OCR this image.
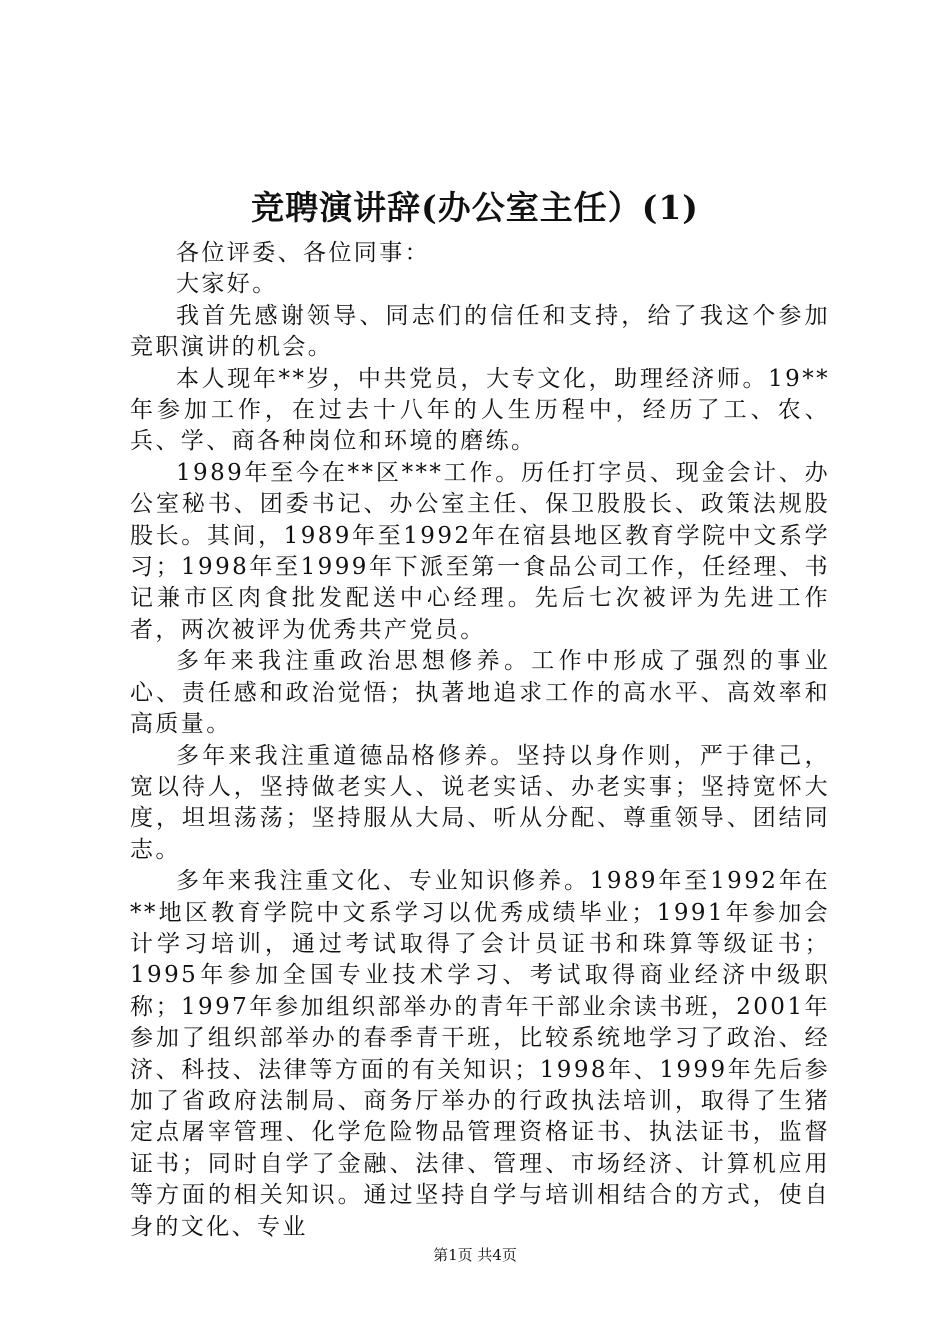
竞聘演讲辞(办公室主任）(1)

各位评委、各位同事：

大家好。

我首先感谢领导、同志们的信任和支持，给了我这个参加竞职演讲的机会。

本人现年**岁，中共党员，大专文化，助理经济师。19**年参加工作，在过去十八年的人生历程中，经历了工、农、兵、学、商各种岗位和环境的磨练。

1989年至今在**区***工作。历任打字员、现金会计、办公室秘书、团委书记、办公室主任、保卫股股长、政策法规股股长。其间，1989年至1992年在宿县地区教育学院中文系学习；1998年至1999年下派至第一食品公司工作，任经理、书记兼市区肉食批发配送中心经理。先后七次被评为先进工作者，两次被评为优秀共产党员。

多年来我注重政治思想修养。工作中形成了强烈的事业心、责任感和政治觉悟；执著地追求工作的高水平、高效率和高质量。

多年来我注重道德品格修养。坚持以身作则，严于律己，宽以待人，坚持做老实人、说老实话、办老实事；坚持宽怀大度，坦坦荡荡；坚持服从大局、听从分配、尊重领导、团结同志。

多年来我注重文化、专业知识修养。1989年至1992年在**地区教育学院中文系学习以优秀成绩毕业；1991年参加会计学习培训，通过考试取得了会计员证书和珠算等级证书；1995年参加全国专业技术学习、考试取得商业经济中级职称；1997年参加组织部举办的青年干部业余读书班，2001年参加了组织部举办的春季青干班，比较系统地学习了政治、经济、科技、法律等方面的有关知识；1998年、1999年先后参加了省政府法制局、商务厅举办的行政执法培训，取得了生猪定点屠宰管理、化学危险物品管理资格证书、执法证书，监督证书；同时自学了金融、法律、管理、市场经济、计算机应用等方面的相关知识。通过坚持自学与培训相结合的方式，使自身的文化、专业

第1页 共4页
